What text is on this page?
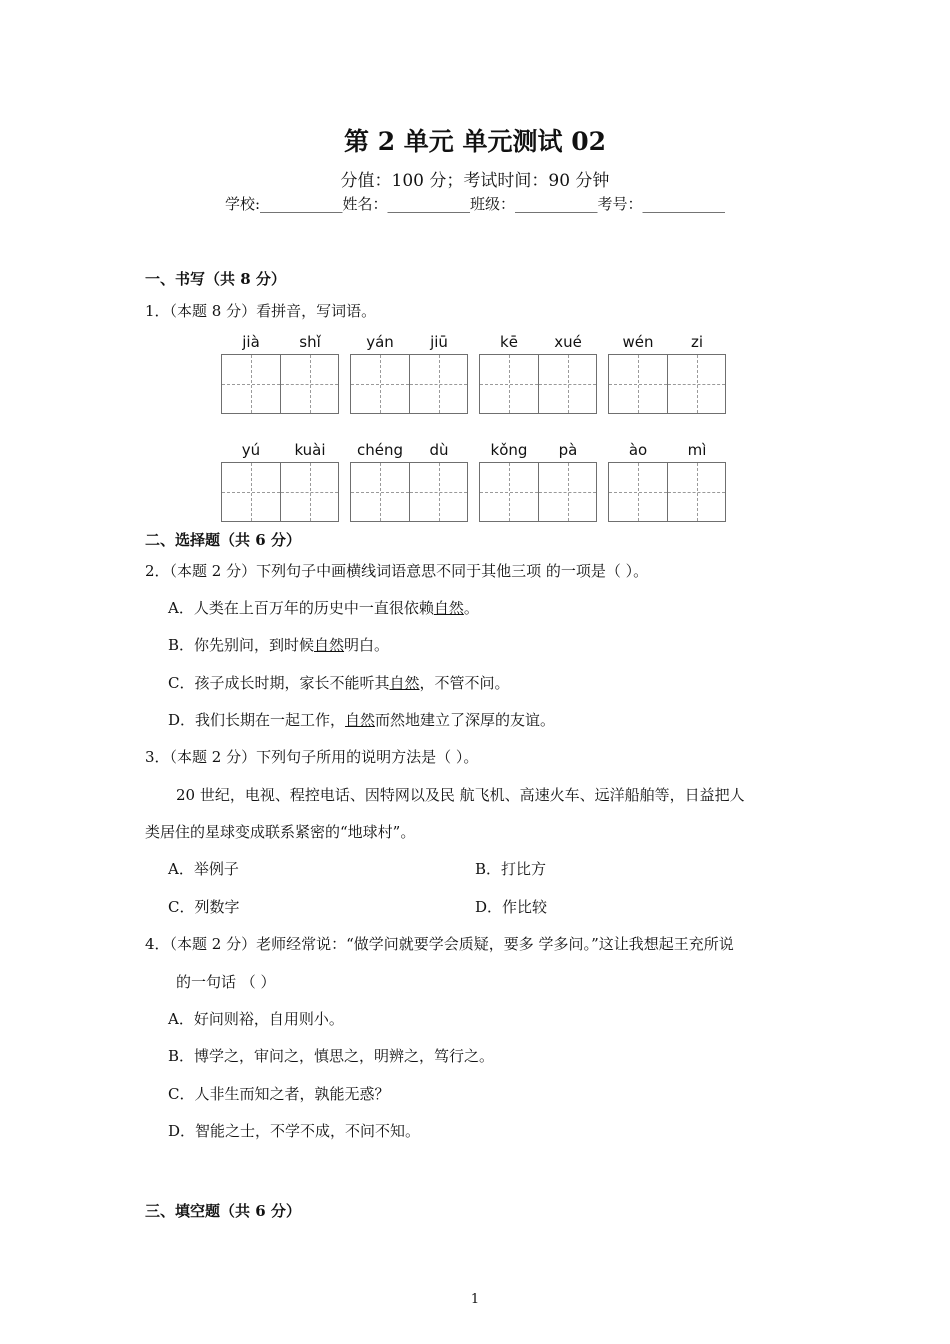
第 2 单元 单元测试 02
分值：100 分；考试时间：90 分钟
学校:___________姓名：___________班级：___________考号：___________
一、书写（共 8 分）
1．（本题 8 分）看拼音，写词语。
jià	shǐ	yán	jiū	kē	xué	wén	zi
yú	kuài	chéng	dù	kǒng	pà	ào	mì
二、选择题（共 6 分）
2．（本题 2 分）下列句子中画横线词语意思不同于其他三项 的一项是（ ）。
A．人类在上百万年的历史中一直很依赖自然。
B．你先别问，到时候自然明白。
C．孩子成长时期，家长不能听其自然，不管不问。
D．我们长期在一起工作，自然而然地建立了深厚的友谊。
3．（本题 2 分）下列句子所用的说明方法是（ ）。
20 世纪，电视、程控电话、因特网以及民 航飞机、高速火车、远洋船舶等，日益把人
类居住的星球变成联系紧密的“地球村”。
A．举例子	B．打比方
C．列数字	D．作比较
4．（本题 2 分）老师经常说：“做学问就要学会质疑，要多 学多问。”这让我想起王充所说
的一句话 （ ）
A．好问则裕，自用则小。
B．博学之，审问之，慎思之，明辨之，笃行之。
C．人非生而知之者，孰能无惑？
D．智能之士，不学不成，不问不知。
三、填空题（共 6 分）
1
